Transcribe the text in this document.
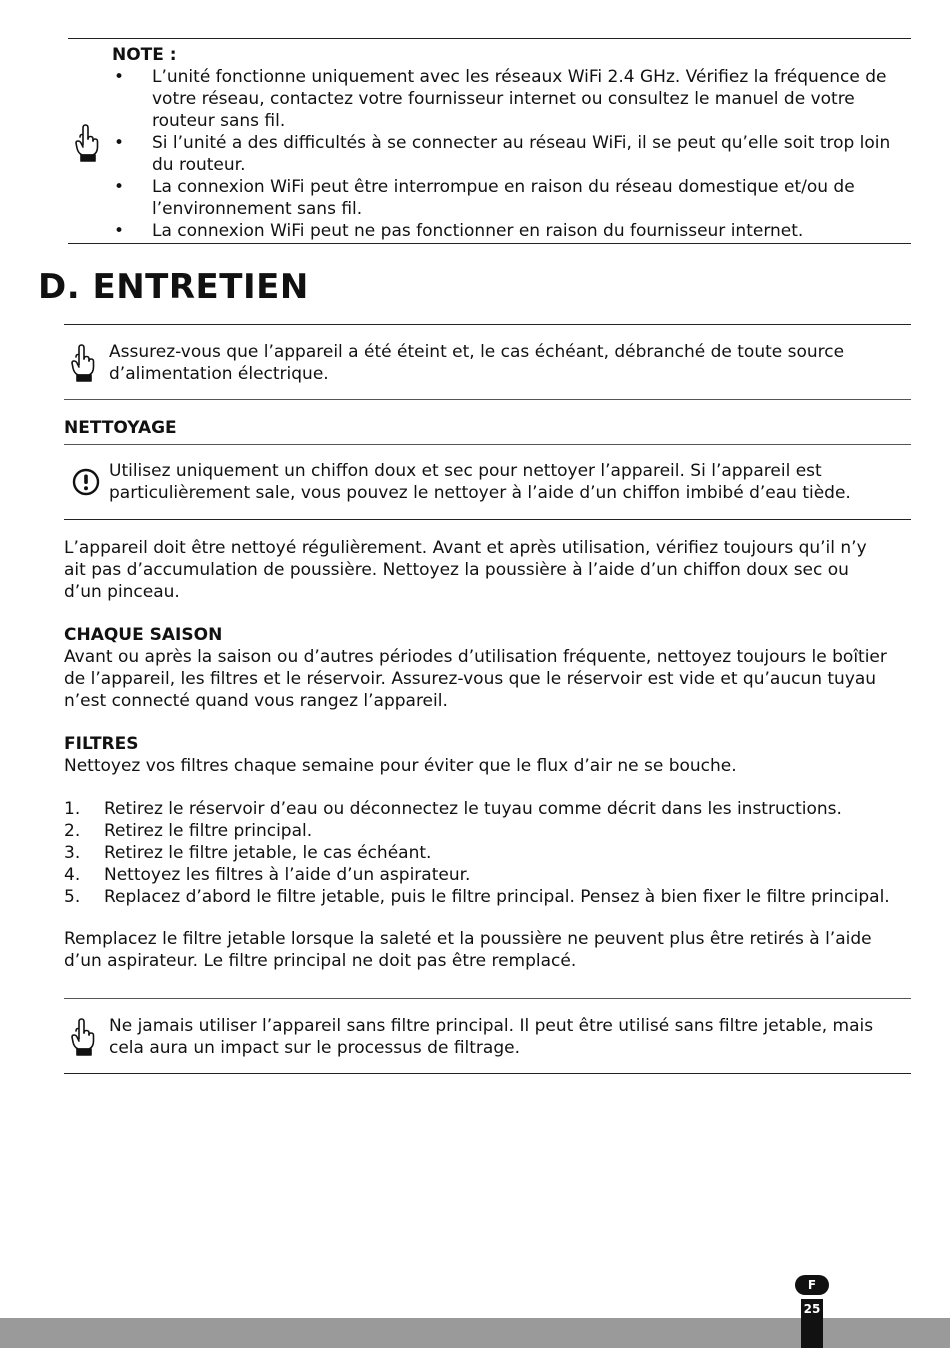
NOTE :
• L’unité fonctionne uniquement avec les réseaux WiFi 2.4 GHz. Vérifiez la fréquence de votre réseau, contactez votre fournisseur internet ou consultez le manuel de votre routeur sans fil.
• Si l’unité a des difficultés à se connecter au réseau WiFi, il se peut qu’elle soit trop loin du routeur.
• La connexion WiFi peut être interrompue en raison du réseau domestique et/ou de l’environnement sans fil.
• La connexion WiFi peut ne pas fonctionner en raison du fournisseur internet.
D. ENTRETIEN
Assurez-vous que l’appareil a été éteint et, le cas échéant, débranché de toute source d’alimentation électrique.
NETTOYAGE
Utilisez uniquement un chiffon doux et sec pour nettoyer l’appareil. Si l’appareil est particulièrement sale, vous pouvez le nettoyer à l’aide d’un chiffon imbibé d’eau tiède.
L’appareil doit être nettoyé régulièrement. Avant et après utilisation, vérifiez toujours qu’il n’y ait pas d’accumulation de poussière. Nettoyez la poussière à l’aide d’un chiffon doux sec ou d’un pinceau.
CHAQUE SAISON
Avant ou après la saison ou d’autres périodes d’utilisation fréquente, nettoyez toujours le boîtier de l’appareil, les filtres et le réservoir. Assurez-vous que le réservoir est vide et qu’aucun tuyau n’est connecté quand vous rangez l’appareil.
FILTRES
Nettoyez vos filtres chaque semaine pour éviter que le flux d’air ne se bouche.
1. Retirez le réservoir d’eau ou déconnectez le tuyau comme décrit dans les instructions.
2. Retirez le filtre principal.
3. Retirez le filtre jetable, le cas échéant.
4. Nettoyez les filtres à l’aide d’un aspirateur.
5. Replacez d’abord le filtre jetable, puis le filtre principal. Pensez à bien fixer le filtre principal.
Remplacez le filtre jetable lorsque la saleté et la poussière ne peuvent plus être retirés à l’aide d’un aspirateur. Le filtre principal ne doit pas être remplacé.
Ne jamais utiliser l’appareil sans filtre principal. Il peut être utilisé sans filtre jetable, mais cela aura un impact sur le processus de filtrage.
F
25
